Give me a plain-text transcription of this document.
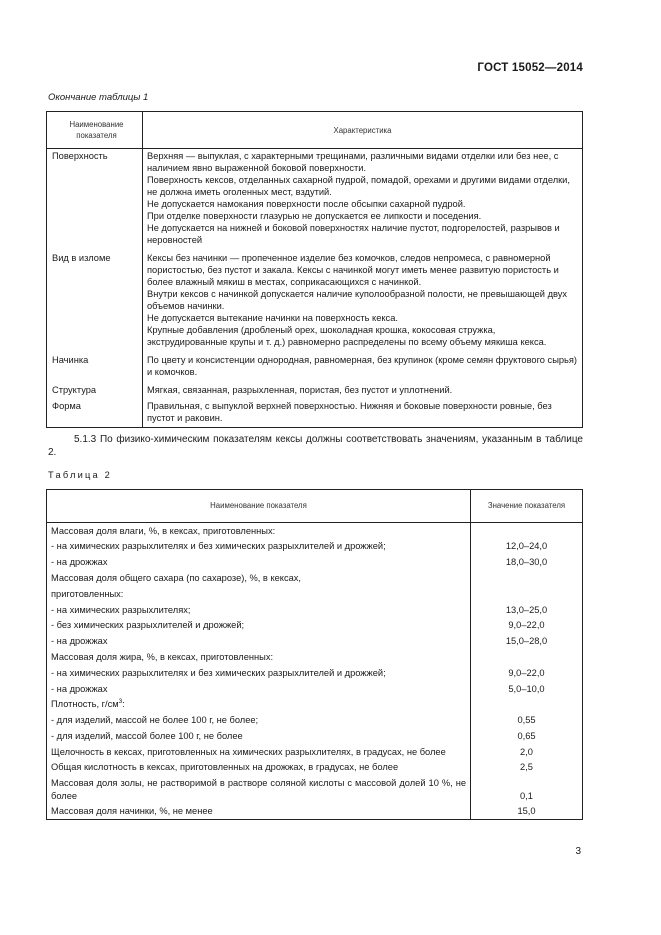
ГОСТ 15052—2014
Окончание таблицы 1
Наименование
показателя	Характеристика
Поверхность	Верхняя — выпуклая, с характерными трещинами, различными видами отделки или без нее, с наличием явно выраженной боковой поверхности.
Поверхность кексов, отделанных сахарной пудрой, помадой, орехами и другими видами отделки, не должна иметь оголенных мест, вздутий.
Не допускается намокания поверхности после обсыпки сахарной пудрой.
При отделке поверхности глазурью не допускается ее липкости и поседения.
Не допускается на нижней и боковой поверхностях наличие пустот, подгорелостей, разрывов и неровностей

Вид в изломе	Кексы без начинки — пропеченное изделие без комочков, следов непромеса, с равномерной пористостью, без пустот и закала. Кексы с начинкой могут иметь менее развитую пористость и более влажный мякиш в местах, соприкасающихся с начинкой.
Внутри кексов с начинкой допускается наличие куполообразной полости, не превышающей двух объемов начинки.
Не допускается вытекание начинки на поверхность кекса.
Крупные добавления (дробленый орех, шоколадная крошка, кокосовая стружка, экструдированные крупы и т. д.) равномерно распределены по всему объему мякиша кекса.

Начинка	По цвету и консистенции однородная, равномерная, без крупинок (кроме семян фруктового сырья) и комочков.

Структура	Мягкая, связанная, разрыхленная, пористая, без пустот и уплотнений.

Форма	Правильная, с выпуклой верхней поверхностью. Нижняя и боковые поверхности ровные, без пустот и раковин.
5.1.3 По физико-химическим показателям кексы должны соответствовать значениям, указанным в таблице 2.
Таблица 2
Наименование показателя	Значение показателя
Массовая доля влаги, %, в кексах, приготовленных:	
- на химических разрыхлителях и без химических разрыхлителей и дрожжей;	12,0–24,0
- на дрожжах	18,0–30,0
Массовая доля общего сахара (по сахарозе), %, в кексах,	
приготовленных:	
- на химических разрыхлителях;	13,0–25,0
- без химических разрыхлителей и дрожжей;	9,0–22,0
- на дрожжах	15,0–28,0
Массовая доля жира, %, в кексах, приготовленных:	
- на химических разрыхлителях и без химических разрыхлителей и дрожжей;	9,0–22,0
- на дрожжах	5,0–10,0
Плотность, $г/см^3$:	
- для изделий, массой не более 100 г, не более;	0,55
- для изделий, массой более 100 г, не более	0,65
Щелочность в кексах, приготовленных на химических разрыхлителях, в градусах, не более	2,0
Общая кислотность в кексах, приготовленных на дрожжах, в градусах, не более	2,5
Массовая доля золы, не растворимой в растворе соляной кислоты с массовой долей 10 %, не более	0,1
Массовая доля начинки, %, не менее	15,0
3
